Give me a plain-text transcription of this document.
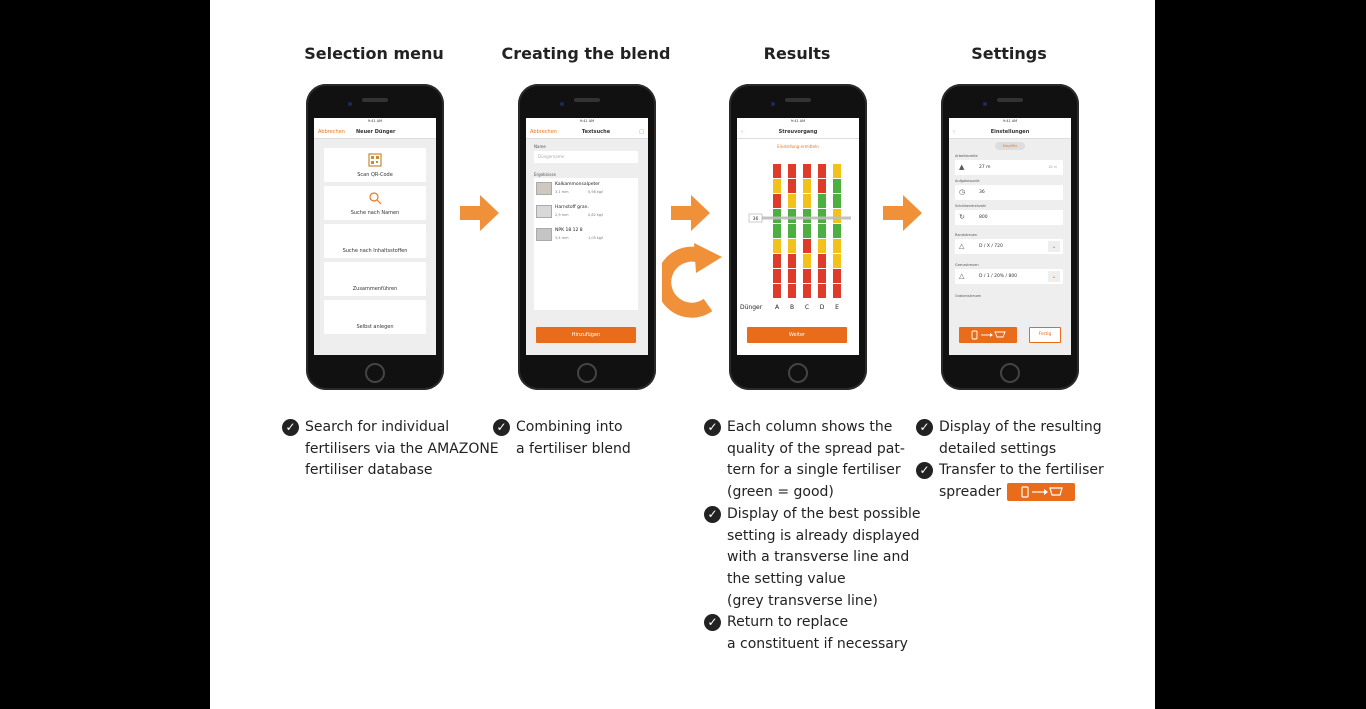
Selection menu	Creating the blend	Results	Settings
9:41 AM
Abbrechen	Neuer Dünger
Scan QR-Code
Suche nach Namen
Suche nach Inhaltsstoffen
Zusammenführen
Selbst anlegen
9:41 AM
Abbrechen	Textsuche	□
Name
Düngername
Ergebnisse
Kalkammonsalpeter
3,1 mm	0,98 kg/l
Harnstoff gran.
2,9 mm	0,82 kg/l
NPK 18 12 8
3,4 mm	1,05 kg/l
Hinzufügen
9:41 AM
‹	Streuvorgang
Einstellung ermitteln
A B C D E
Dünger
36
Weiter
9:41 AM
‹	Einstellungen
EasyMix
Arbeitsbreite
▲	27 m	18 m
Aufgabepunkt
◷	36
Scheibendrehzahl
↻	800
Randstreuen
△	D / X / 720	⌄
Grenzstreuen
△	D / 1 / 20% / 800	⌄
Grabenstreuen
Fertig
✓ Search for individual
fertilisers via the AMAZONE
fertiliser database
✓ Combining into
a fertiliser blend
✓ Each column shows the
quality of the spread pat-
tern for a single fertiliser
(green = good)
✓ Display of the best possible
setting is already displayed
with a transverse line and
the setting value
(grey transverse line)
✓ Return to replace
a constituent if necessary
✓ Display of the resulting
detailed settings
✓ Transfer to the fertiliser
spreader
